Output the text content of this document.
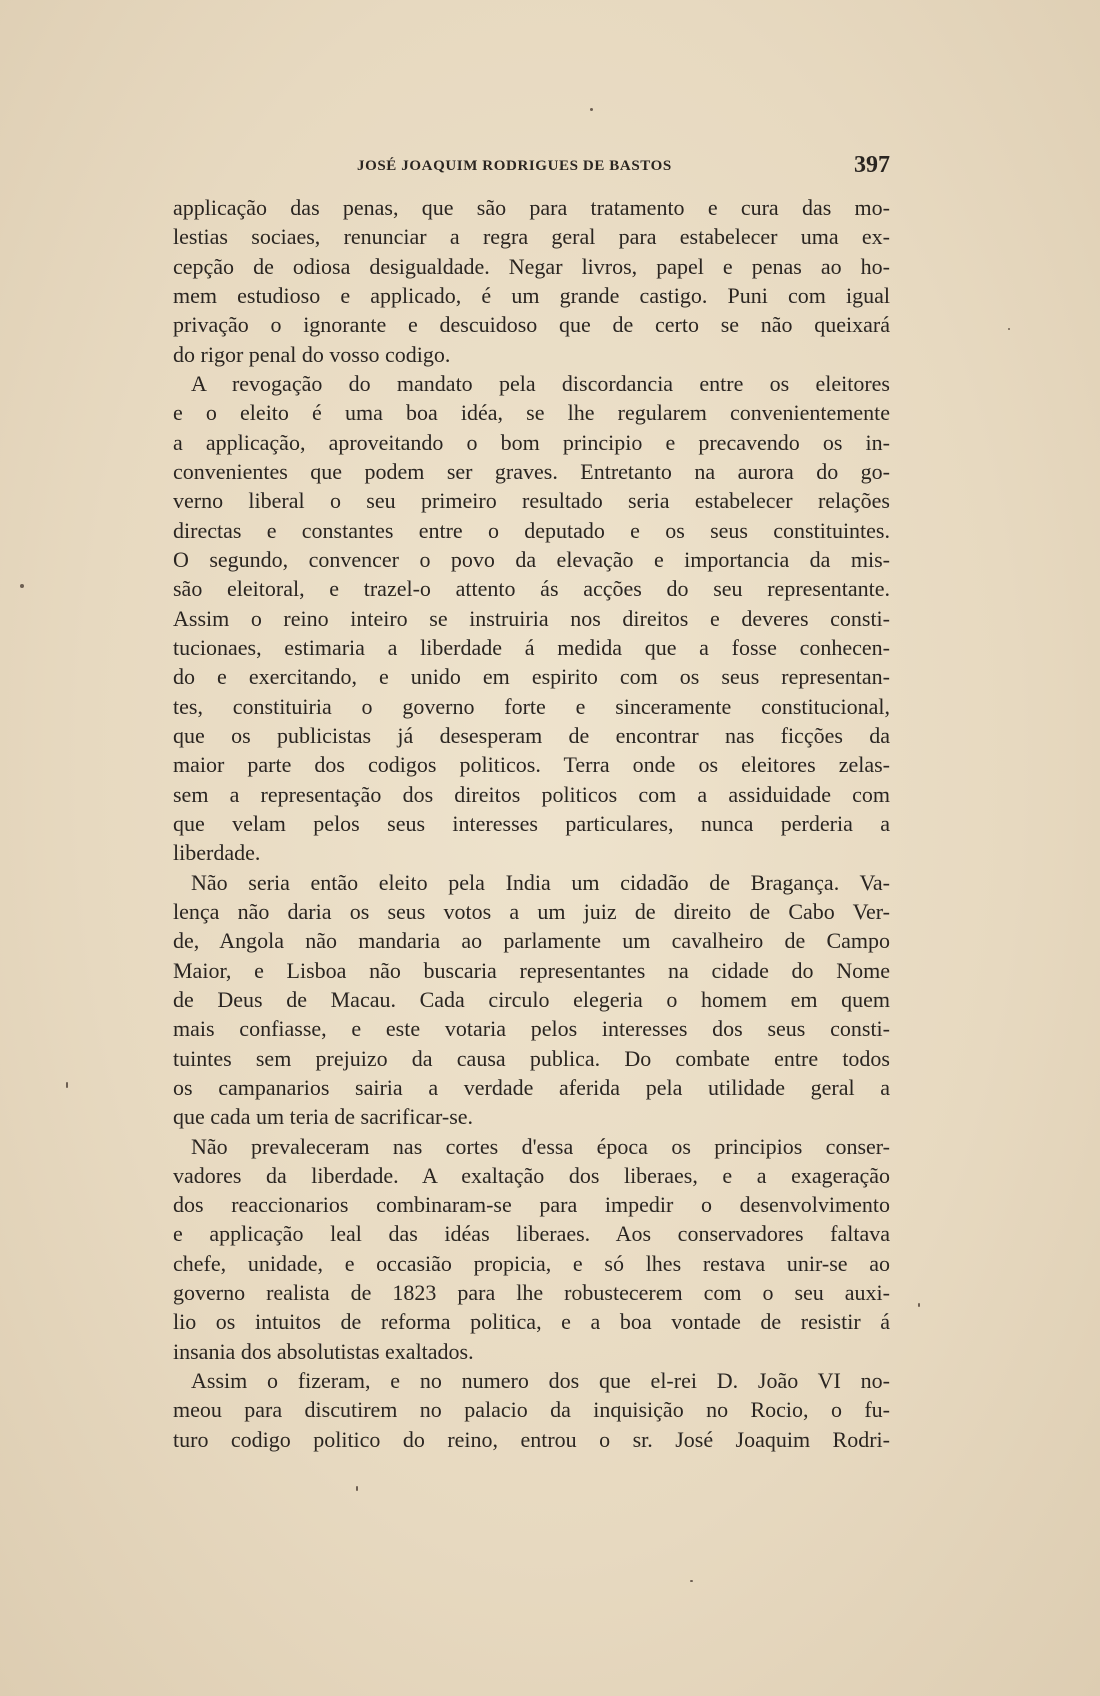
JOSÉ JOAQUIM RODRIGUES DE BASTOS	397
applicação das penas, que são para tratamento e cura das mo-
lestias sociaes, renunciar a regra geral para estabelecer uma ex-
cepção de odiosa desigualdade. Negar livros, papel e penas ao ho-
mem estudioso e applicado, é um grande castigo. Puni com igual
privação o ignorante e descuidoso que de certo se não queixará
do rigor penal do vosso codigo.
A revogação do mandato pela discordancia entre os eleitores
e o eleito é uma boa idéa, se lhe regularem convenientemente
a applicação, aproveitando o bom principio e precavendo os in-
convenientes que podem ser graves. Entretanto na aurora do go-
verno liberal o seu primeiro resultado seria estabelecer relações
directas e constantes entre o deputado e os seus constituintes.
O segundo, convencer o povo da elevação e importancia da mis-
são eleitoral, e trazel-o attento ás acções do seu representante.
Assim o reino inteiro se instruiria nos direitos e deveres consti-
tucionaes, estimaria a liberdade á medida que a fosse conhecen-
do e exercitando, e unido em espirito com os seus representan-
tes, constituiria o governo forte e sinceramente constitucional,
que os publicistas já desesperam de encontrar nas ficções da
maior parte dos codigos politicos. Terra onde os eleitores zelas-
sem a representação dos direitos politicos com a assiduidade com
que velam pelos seus interesses particulares, nunca perderia a
liberdade.
Não seria então eleito pela India um cidadão de Bragança. Va-
lença não daria os seus votos a um juiz de direito de Cabo Ver-
de, Angola não mandaria ao parlamente um cavalheiro de Campo
Maior, e Lisboa não buscaria representantes na cidade do Nome
de Deus de Macau. Cada circulo elegeria o homem em quem
mais confiasse, e este votaria pelos interesses dos seus consti-
tuintes sem prejuizo da causa publica. Do combate entre todos
os campanarios sairia a verdade aferida pela utilidade geral a
que cada um teria de sacrificar-se.
Não prevaleceram nas cortes d'essa época os principios conser-
vadores da liberdade. A exaltação dos liberaes, e a exageração
dos reaccionarios combinaram-se para impedir o desenvolvimento
e applicação leal das idéas liberaes. Aos conservadores faltava
chefe, unidade, e occasião propicia, e só lhes restava unir-se ao
governo realista de 1823 para lhe robustecerem com o seu auxi-
lio os intuitos de reforma politica, e a boa vontade de resistir á
insania dos absolutistas exaltados.
Assim o fizeram, e no numero dos que el-rei D. João VI no-
meou para discutirem no palacio da inquisição no Rocio, o fu-
turo codigo politico do reino, entrou o sr. José Joaquim Rodri-
